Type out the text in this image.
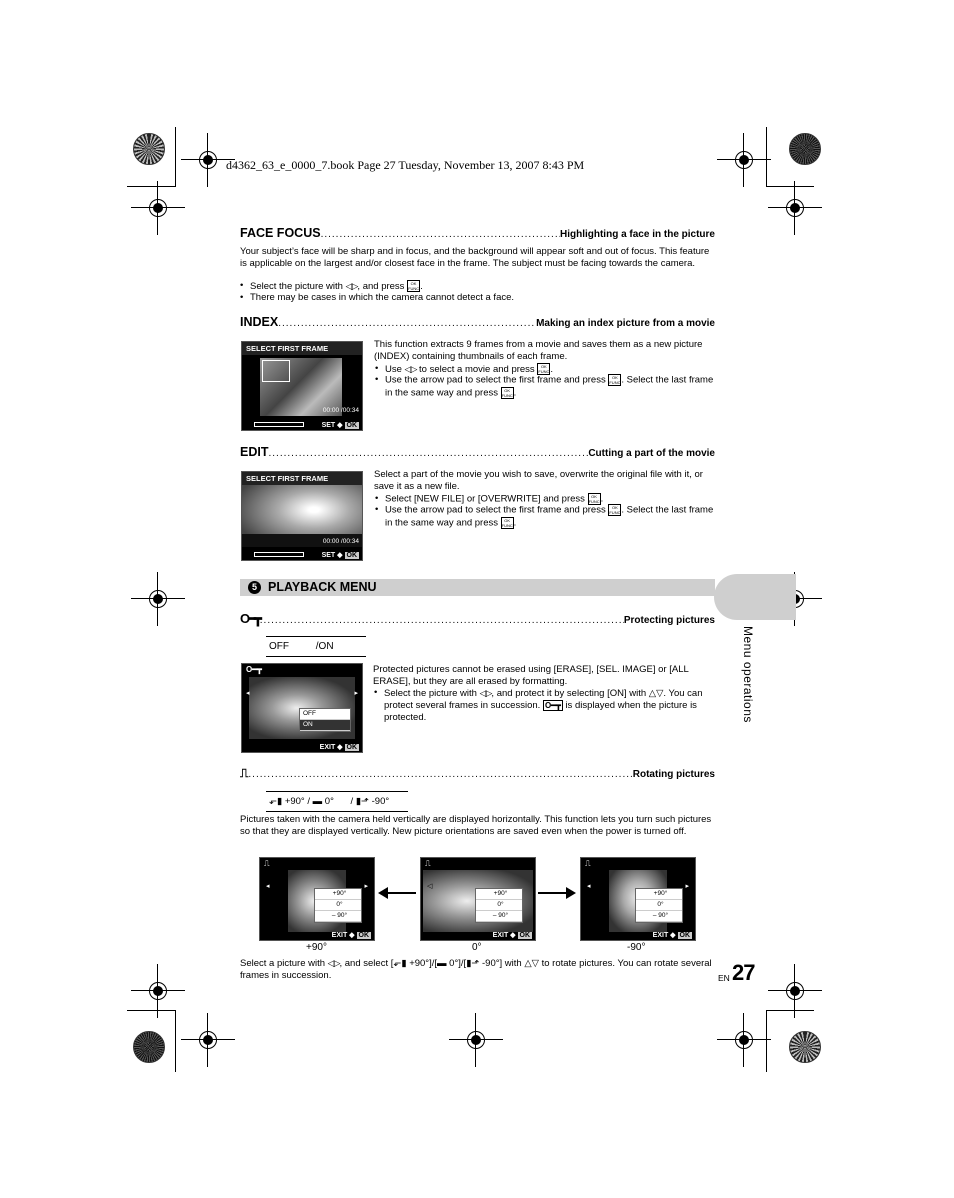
d4362_63_e_0000_7.book Page 27 Tuesday, November 13, 2007 8:43 PM
FACE FOCUS .....	Highlighting a face in the picture
Your subject’s face will be sharp and in focus, and the background will appear soft and out of focus. This feature is applicable on the largest and/or closest face in the frame. The subject must be facing towards the camera.
• Select the picture with ◁▷, and press OK
FUNC.
• There may be cases in which the camera cannot detect a face.
INDEX .....	Making an index picture from a movie
SELECT FIRST FRAME
00:00 /00:34
SET ◆ OK
This function extracts 9 frames from a movie and saves them as a new picture (INDEX) containing thumbnails of each frame.
• Use ◁▷ to select a movie and press OK
FUNC.
• Use the arrow pad to select the first frame and press OK
FUNC. Select the last frame in the same way and press OK
FUNC.
EDIT .....	Cutting a part of the movie
SELECT FIRST FRAME
00:00 /00:34
SET ◆ OK
Select a part of the movie you wish to save, overwrite the original file with it, or save it as a new file.
• Select [NEW FILE] or [OVERWRITE] and press OK
FUNC.
• Use the arrow pad to select the first frame and press OK
FUNC. Select the last frame in the same way and press OK
FUNC.
5 PLAYBACK MENU
Menu operations
O━┳ .....	Protecting pictures
OFF	/ON
O━┳
◂	▸
OFF
ON
EXIT ◆ OK
Protected pictures cannot be erased using [ERASE], [SEL. IMAGE] or [ALL ERASE], but they are all erased by formatting.
• Select the picture with ◁▷, and protect it by selecting [ON] with △▽. You can protect several frames in succession. O━┳ is displayed when the picture is protected.
⎍ .....	Rotating pictures
⬐▮ +90° / ▬ 0° / ▮⬏ -90°
Pictures taken with the camera held vertically are displayed horizontally. This function lets you turn such pictures so that they are displayed vertically. New picture orientations are saved even when the power is turned off.
⎍
◂	▸
+90°
0°
– 90°
EXIT ◆ OK
⎍
◁
+90°
0°
– 90°
EXIT ◆ OK
⎍
◂	▸
+90°
0°
– 90°
EXIT ◆ OK
+90°	0°	-90°
Select a picture with ◁▷, and select [⬐▮ +90°]/[▬ 0°]/[▮⬏ -90°] with △▽ to rotate pictures. You can rotate several frames in succession.	EN 27
